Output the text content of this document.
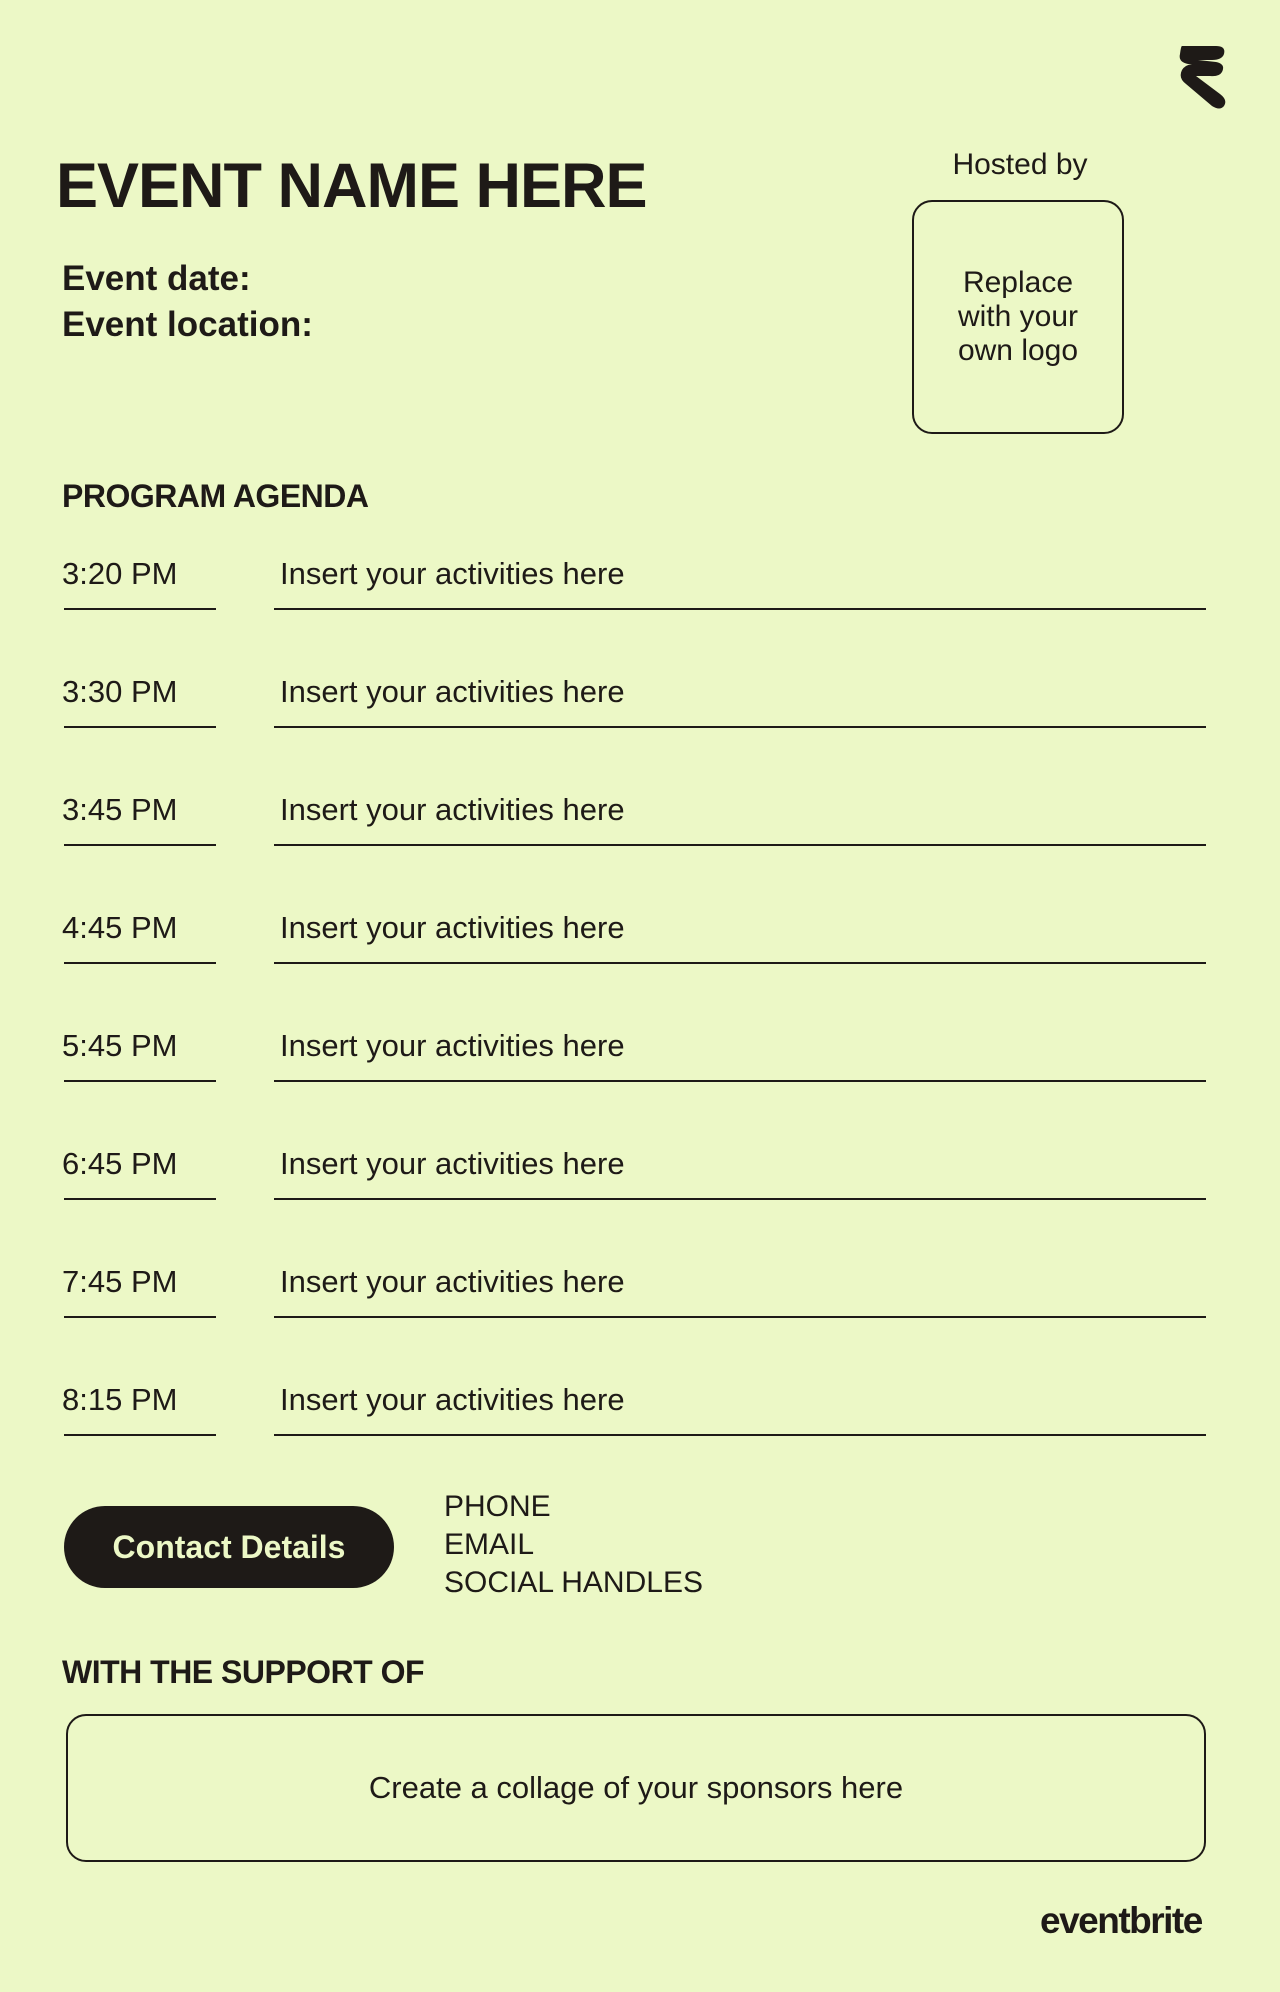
EVENT NAME HERE
Event date:
Event location:
Hosted by
Replace with your own logo
PROGRAM AGENDA
3:20 PM	Insert your activities here
3:30 PM	Insert your activities here
3:45 PM	Insert your activities here
4:45 PM	Insert your activities here
5:45 PM	Insert your activities here
6:45 PM	Insert your activities here
7:45 PM	Insert your activities here
8:15 PM	Insert your activities here
Contact Details
PHONE
EMAIL
SOCIAL HANDLES
WITH THE SUPPORT OF
Create a collage of your sponsors here
eventbrite
